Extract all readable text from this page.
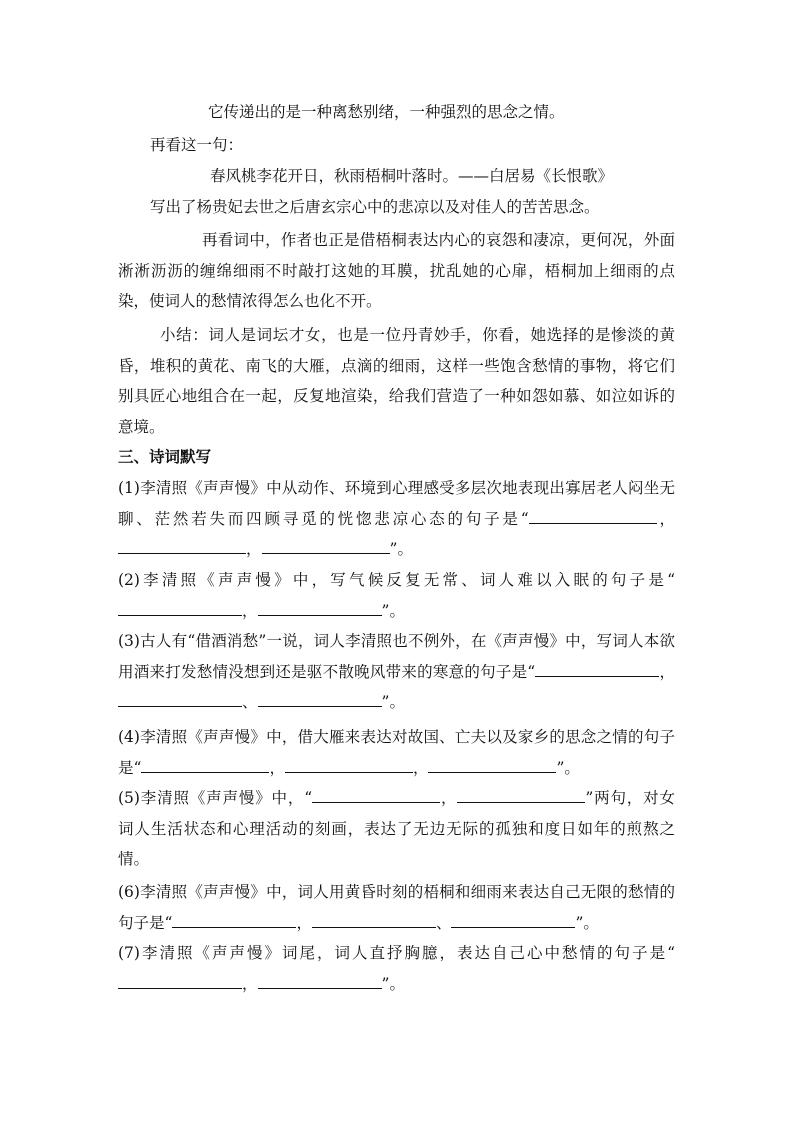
它传递出的是一种离愁别绪，一种强烈的思念之情。
再看这一句：
春风桃李花开日，秋雨梧桐叶落时。——白居易《长恨歌》
写出了杨贵妃去世之后唐玄宗心中的悲凉以及对佳人的苦苦思念。
再看词中，作者也正是借梧桐表达内心的哀怨和凄凉，更何况，外面淅淅沥沥的缠绵细雨不时敲打这她的耳膜，扰乱她的心扉，梧桐加上细雨的点染，使词人的愁情浓得怎么也化不开。
小结：词人是词坛才女，也是一位丹青妙手，你看，她选择的是惨淡的黄昏，堆积的黄花、南飞的大雁，点滴的细雨，这样一些饱含愁情的事物，将它们别具匠心地组合在一起，反复地渲染，给我们营造了一种如怨如慕、如泣如诉的意境。
三、诗词默写
(1)李清照《声声慢》中从动作、环境到心理感受多层次地表现出寡居老人闷坐无聊、茫然若失而四顾寻觅的恍惚悲凉心态的句子是“	，，	”。
(2)李清照《声声慢》中，写气候反复无常、词人难以入眠的句子是“，	”。
(3)古人有“借酒消愁”一说，词人李清照也不例外，在《声声慢》中，写词人本欲用酒来打发愁情没想到还是驱不散晚风带来的寒意的句子是“	，、	”。
(4)李清照《声声慢》中，借大雁来表达对故国、亡夫以及家乡的思念之情的句子是“	，	，	”。
(5)李清照《声声慢》中，“	，	”两句，对女词人生活状态和心理活动的刻画，表达了无边无际的孤独和度日如年的煎熬之情。
(6)李清照《声声慢》中，词人用黄昏时刻的梧桐和细雨来表达自己无限的愁情的句子是“	，	、	”。
(7)李清照《声声慢》词尾，词人直抒胸臆，表达自己心中愁情的句子是“，	”。
